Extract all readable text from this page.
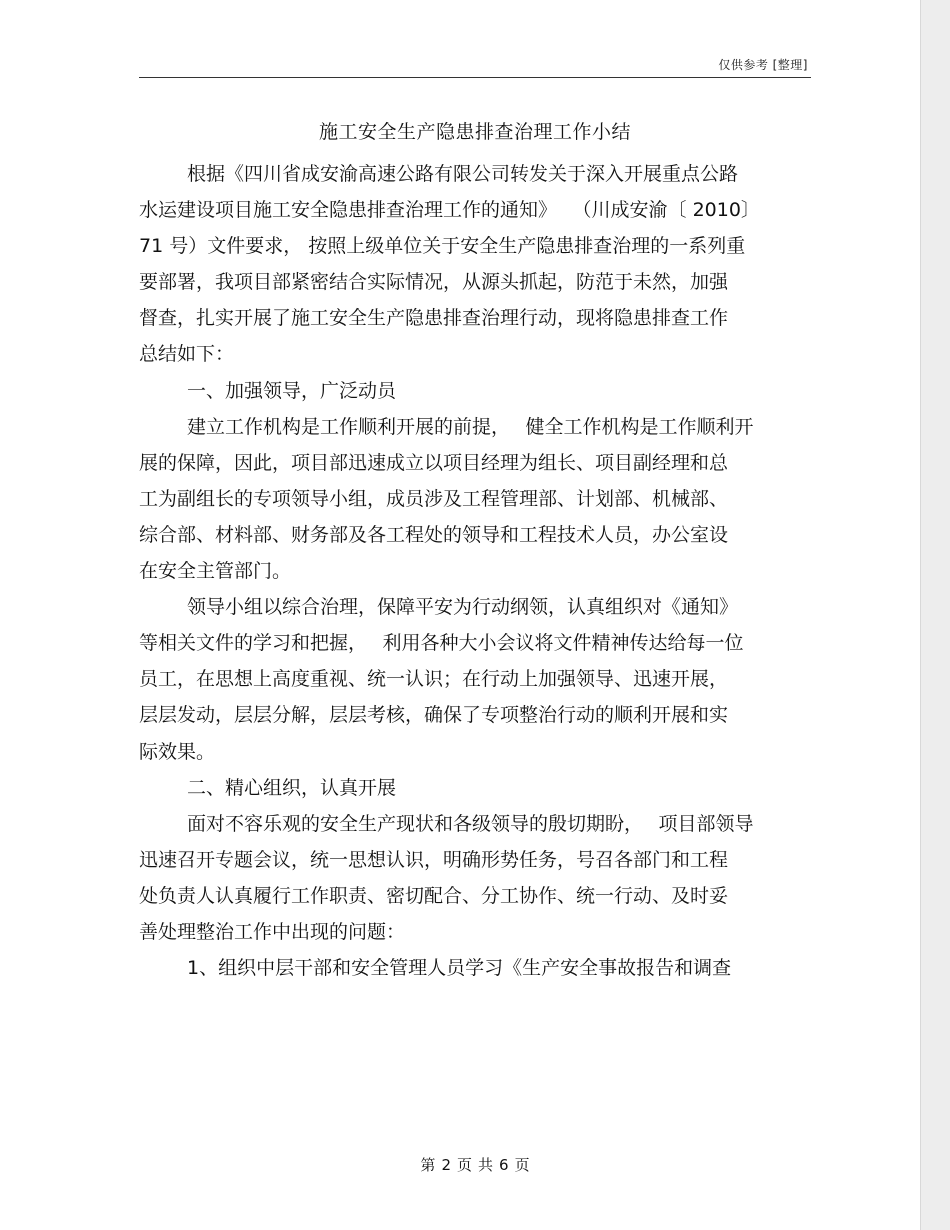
仅供参考 [整理]
施工安全生产隐患排查治理工作小结
根据《四川省成安渝高速公路有限公司转发关于深入开展重点公路
水运建设项目施工安全隐患排查治理工作的通知》　 （川成安渝〔 2010〕
71 号）文件要求， 按照上级单位关于安全生产隐患排查治理的一系列重
要部署，我项目部紧密结合实际情况，从源头抓起，防范于未然，加强
督查，扎实开展了施工安全生产隐患排查治理行动，现将隐患排查工作
总结如下：
一、加强领导，广泛动员
建立工作机构是工作顺利开展的前提，　 健全工作机构是工作顺利开
展的保障，因此，项目部迅速成立以项目经理为组长、项目副经理和总
工为副组长的专项领导小组，成员涉及工程管理部、计划部、机械部、
综合部、材料部、财务部及各工程处的领导和工程技术人员，办公室设
在安全主管部门。
领导小组以综合治理，保障平安为行动纲领，认真组织对《通知》
等相关文件的学习和把握，　 利用各种大小会议将文件精神传达给每一位
员工，在思想上高度重视、统一认识；在行动上加强领导、迅速开展，
层层发动，层层分解，层层考核，确保了专项整治行动的顺利开展和实
际效果。
二、精心组织，认真开展
面对不容乐观的安全生产现状和各级领导的殷切期盼，　 项目部领导
迅速召开专题会议，统一思想认识，明确形势任务，号召各部门和工程
处负责人认真履行工作职责、密切配合、分工协作、统一行动、及时妥
善处理整治工作中出现的问题：
1、组织中层干部和安全管理人员学习《生产安全事故报告和调查
第 2 页 共 6 页
